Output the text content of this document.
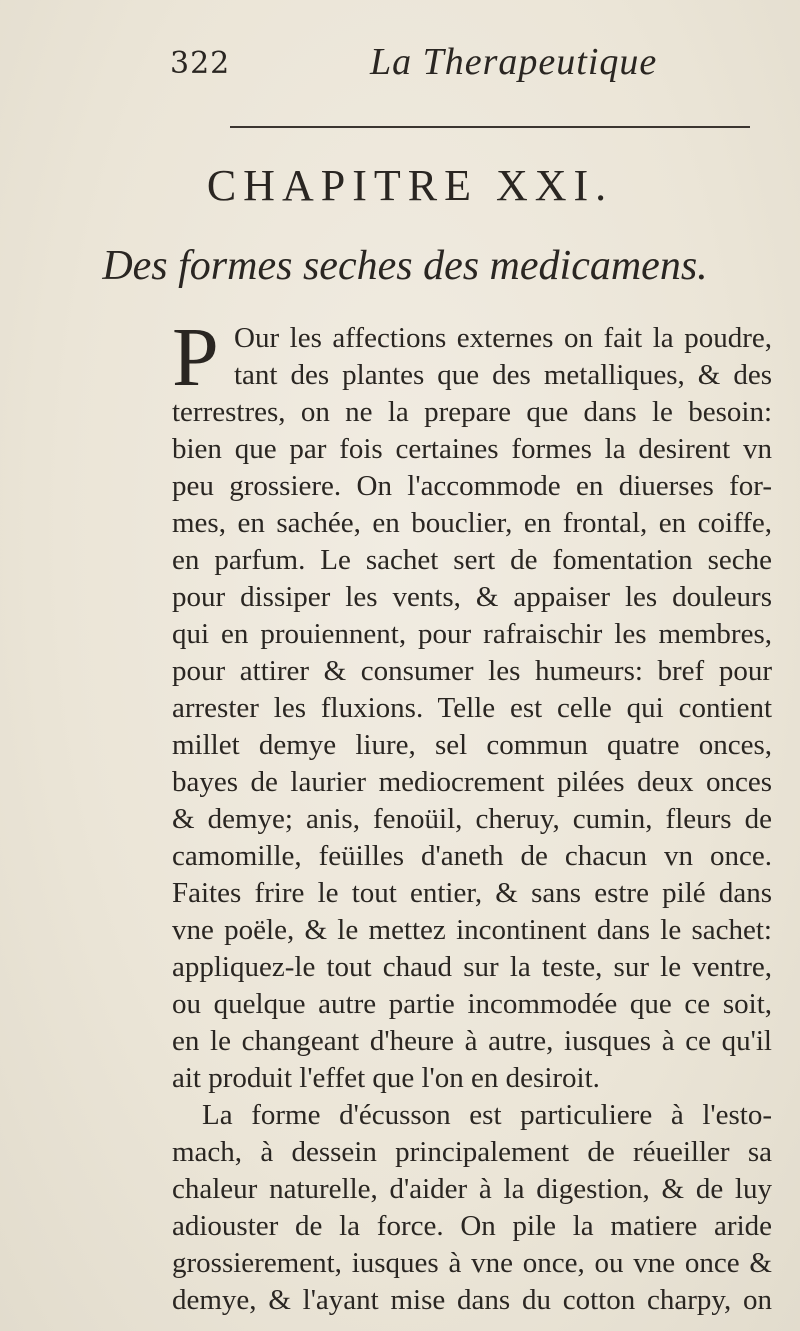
322	La Therapeutique
CHAPITRE XXI.
Des formes seches des medicamens.
P Our les affections externes on fait la poudre,
tant des plantes que des metalliques, & des
terrestres, on ne la prepare que dans le besoin:
bien que par fois certaines formes la desirent vn
peu grossiere. On l'accommode en diuerses for-
mes, en sachée, en bouclier, en frontal, en coiffe,
en parfum. Le sachet sert de fomentation seche
pour dissiper les vents, & appaiser les douleurs
qui en prouiennent, pour rafraischir les membres,
pour attirer & consumer les humeurs: bref pour
arrester les fluxions. Telle est celle qui contient
millet demye liure, sel commun quatre onces,
bayes de laurier mediocrement pilées deux onces
& demye; anis, fenoüil, cheruy, cumin, fleurs de
camomille, feüilles d'aneth de chacun vn once.
Faites frire le tout entier, & sans estre pilé dans
vne poële, & le mettez incontinent dans le sachet:
appliquez-le tout chaud sur la teste, sur le ventre,
ou quelque autre partie incommodée que ce soit,
en le changeant d'heure à autre, iusques à ce qu'il
ait produit l'effet que l'on en desiroit.
La forme d'écusson est particuliere à l'esto-
mach, à dessein principalement de réueiller sa
chaleur naturelle, d'aider à la digestion, & de luy
adiouster de la force. On pile la matiere aride
grossierement, iusques à vne once, ou vne once &
demye, & l'ayant mise dans du cotton charpy, on
